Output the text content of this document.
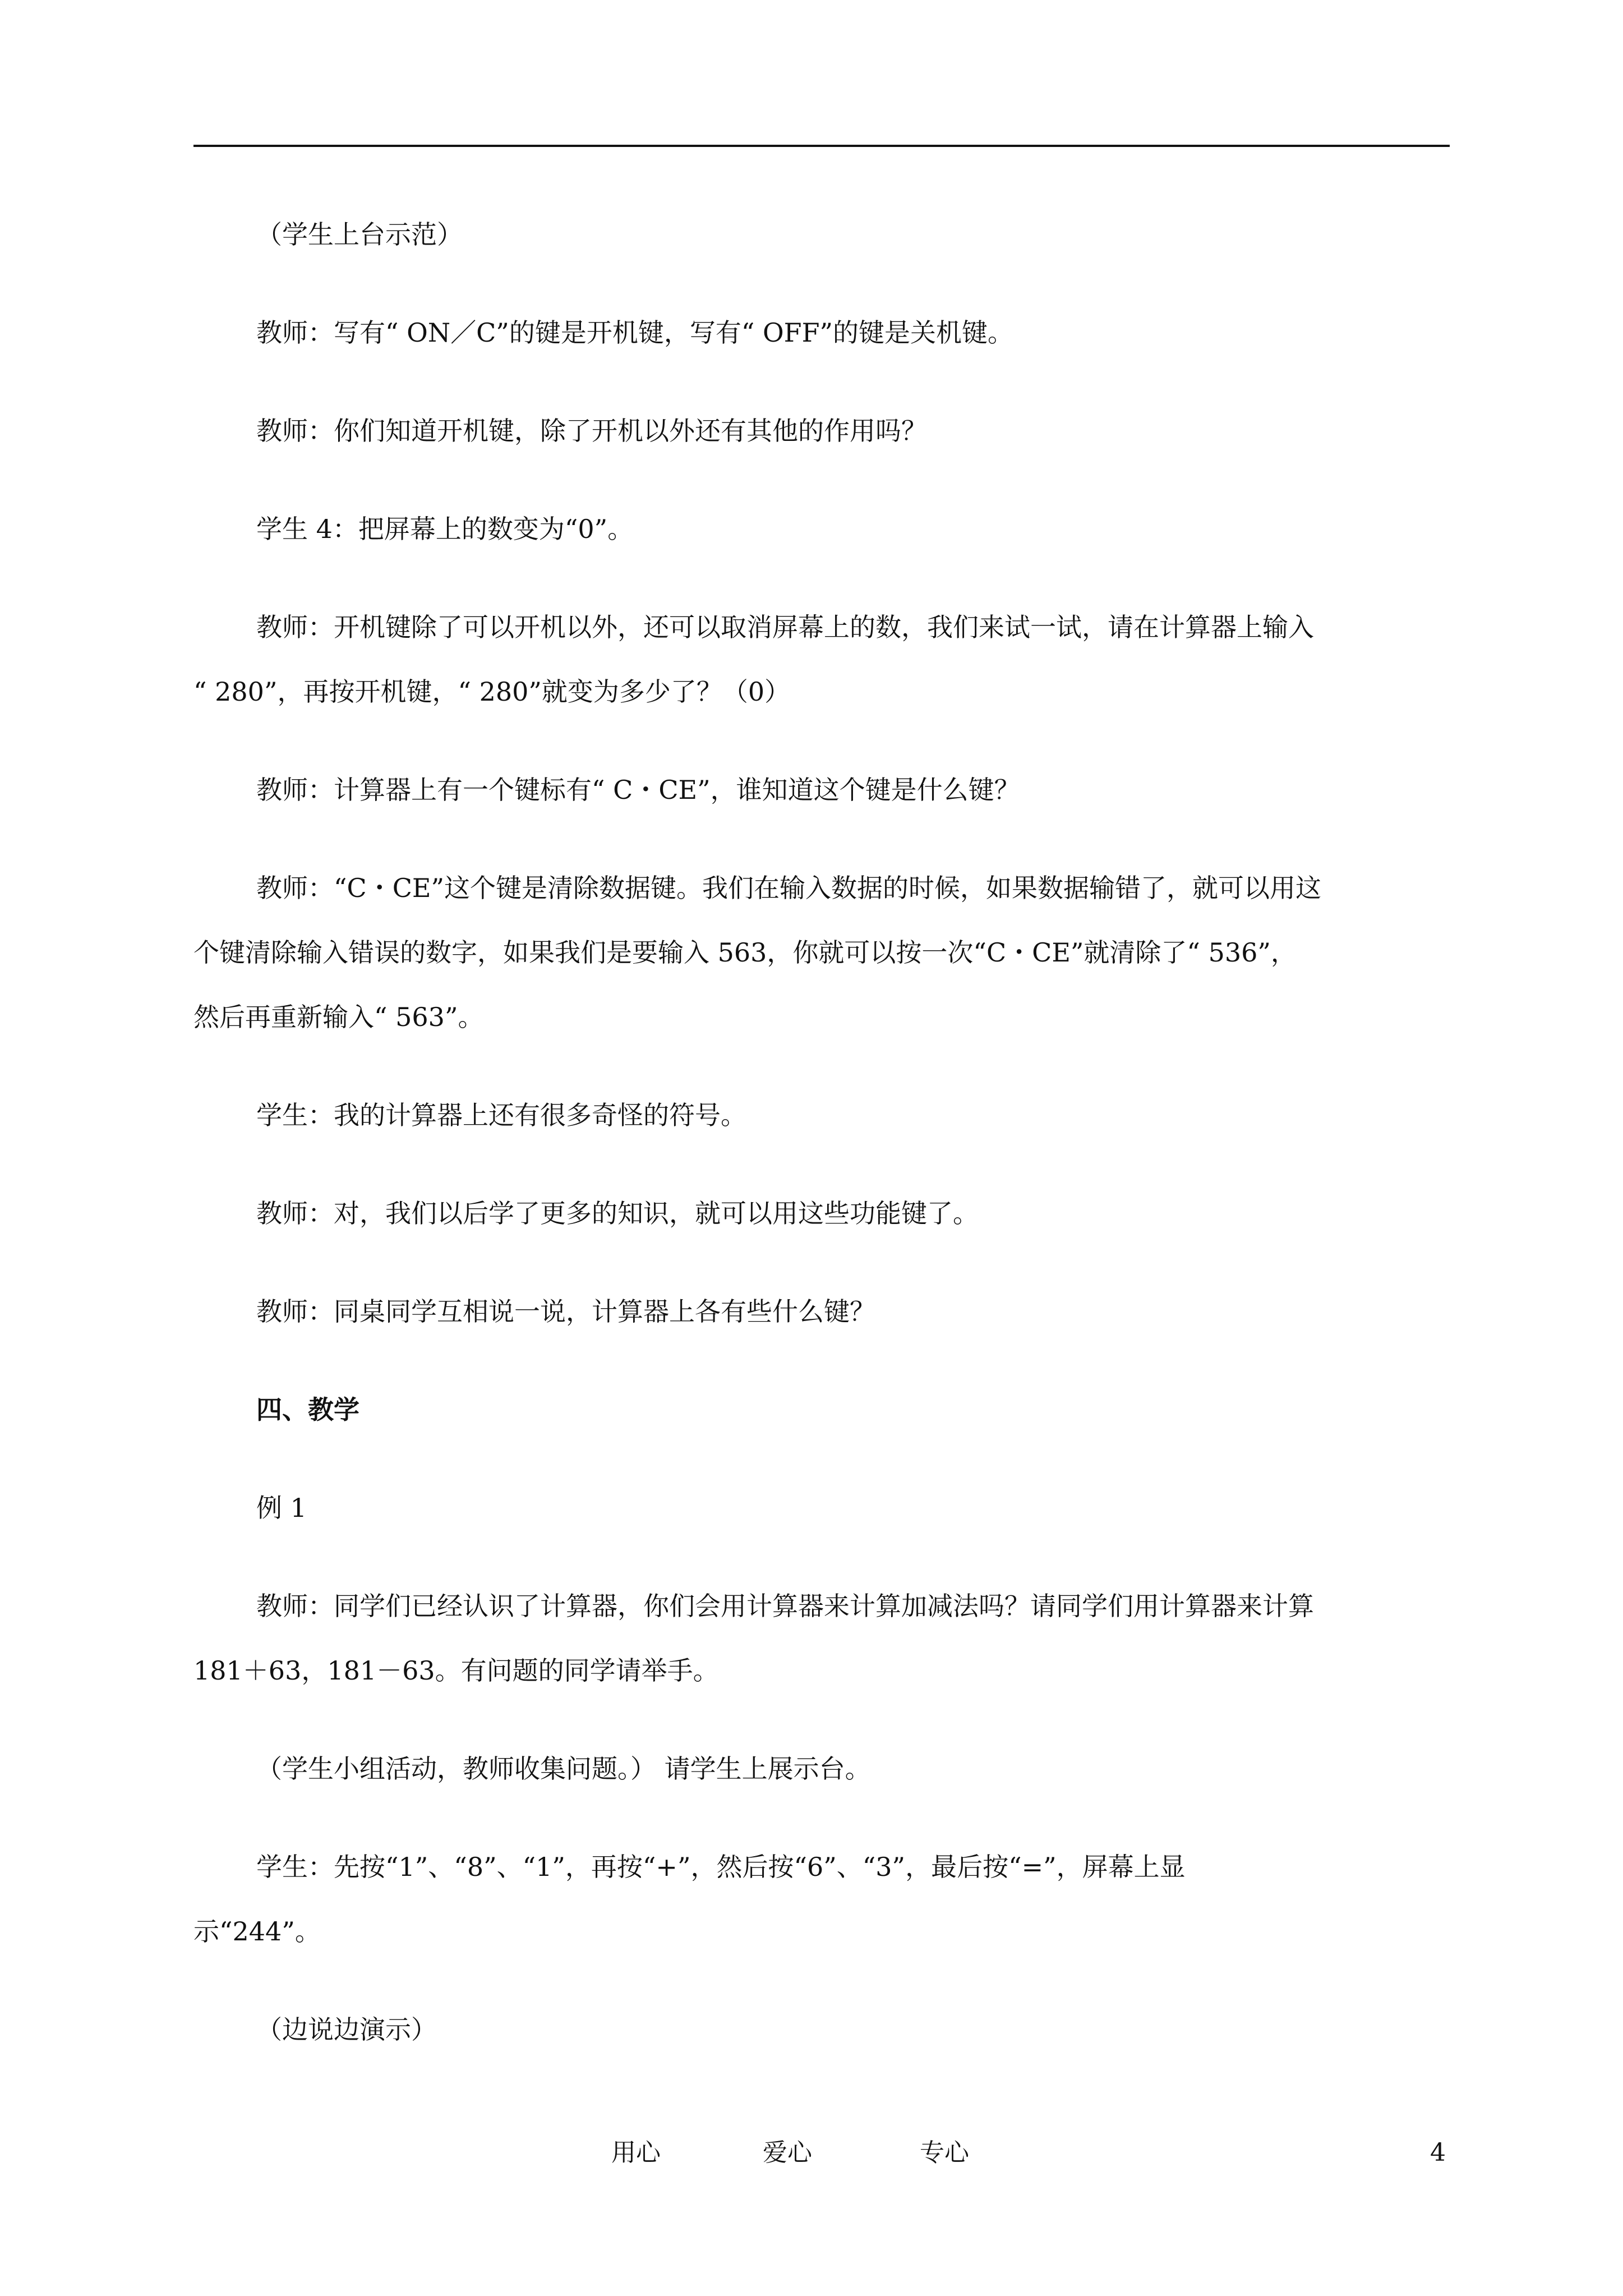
（学生上台示范）
教师：写有“ ON／C”的键是开机键，写有“ OFF”的键是关机键。
教师：你们知道开机键，除了开机以外还有其他的作用吗？
学生 4：把屏幕上的数变为“0”。
教师：开机键除了可以开机以外，还可以取消屏幕上的数，我们来试一试，请在计算器上输入
“ 280”，再按开机键，“ 280”就变为多少了？（0）
教师：计算器上有一个键标有“ C・CE”，谁知道这个键是什么键？
教师：“C・CE”这个键是清除数据键。我们在输入数据的时候，如果数据输错了，就可以用这
个键清除输入错误的数字，如果我们是要输入 563，你就可以按一次“C・CE”就清除了“ 536”，
然后再重新输入“ 563”。
学生：我的计算器上还有很多奇怪的符号。
教师：对，我们以后学了更多的知识，就可以用这些功能键了。
教师：同桌同学互相说一说，计算器上各有些什么键？
四、教学
例 1
教师：同学们已经认识了计算器，你们会用计算器来计算加减法吗？请同学们用计算器来计算
181＋63，181－63。有问题的同学请举手。
（学生小组活动，教师收集问题。） 请学生上展示台。
学生：先按“1”、“8”、“1”，再按“+”，然后按“6”、“3”，最后按“=”，屏幕上显
示“244”。
（边说边演示）
用心	爱心	专心	4
